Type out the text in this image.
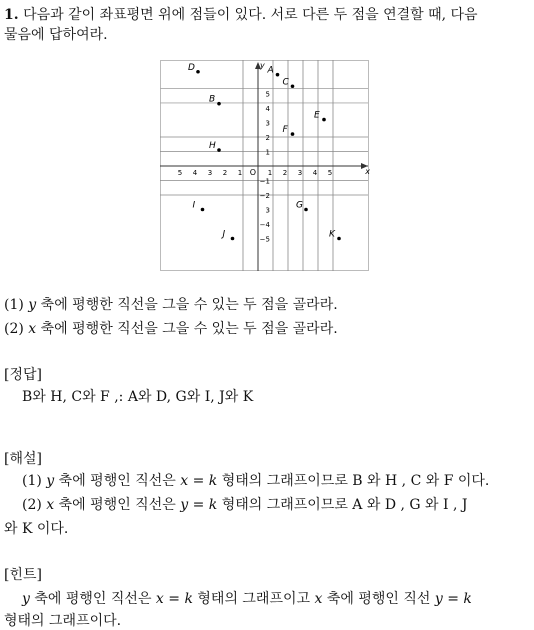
1. 다음과 같이 좌표평면 위에 점들이 있다. 서로 다른 두 점을 연결할 때, 다음
물음에 답하여라.
x
y
O
5 4 3 2 1	1 2 3 4 5
5
4
3
2
1
−1
−2
3
−4
−5
D	A
C
B
E
F
H
I	G
J	K
(1) y 축에 평행한 직선을 그을 수 있는 두 점을 골라라.
(2) x 축에 평행한 직선을 그을 수 있는 두 점을 골라라.
[정답]
B와 H, C와 F ,: A와 D, G와 I, J와 K
[해설]
(1) y 축에 평행인 직선은 x = k 형태의 그래프이므로 B 와 H , C 와 F 이다.
(2) x 축에 평행인 직선은 y = k 형태의 그래프이므로 A 와 D , G 와 I , J
와 K 이다.
[힌트]
y 축에 평행인 직선은 x = k 형태의 그래프이고 x 축에 평행인 직선 y = k
형태의 그래프이다.
